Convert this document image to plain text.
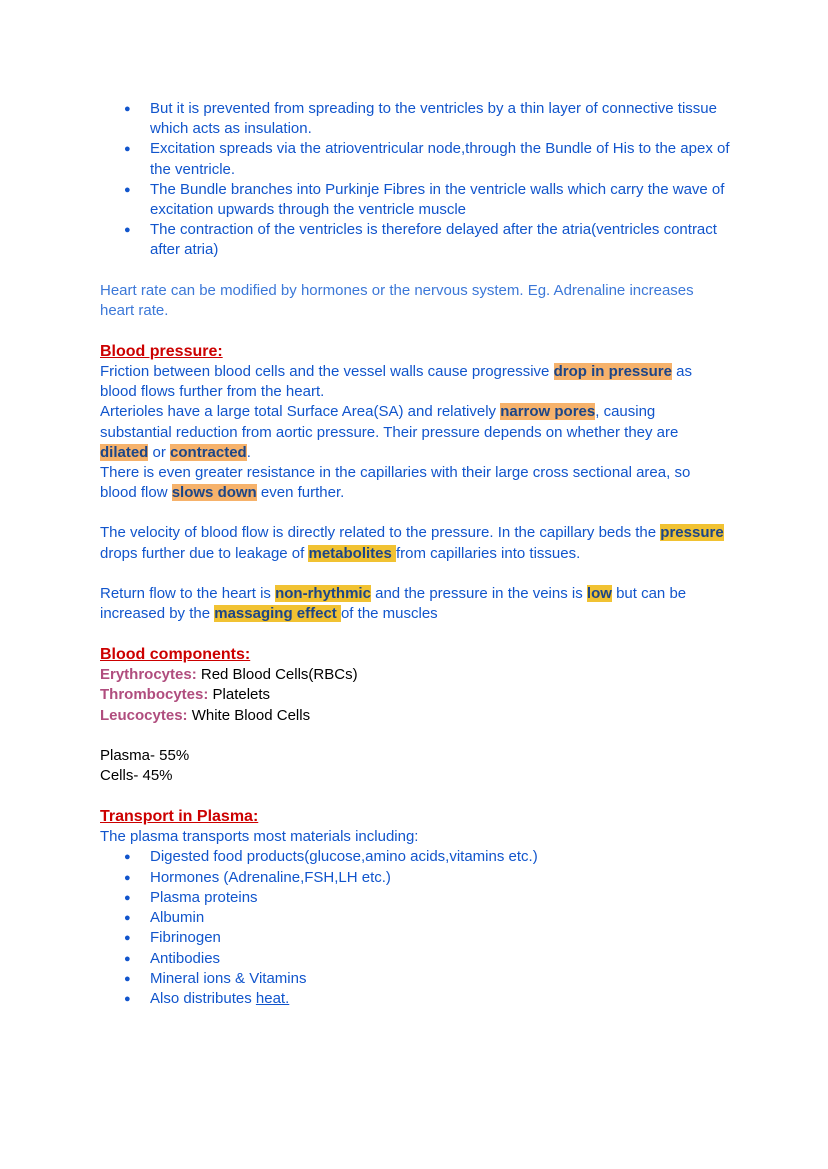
● But it is prevented from spreading to the ventricles by a thin layer of connective tissue which acts as insulation.
● Excitation spreads via the atrioventricular node,through the Bundle of His to the apex of the ventricle.
● The Bundle branches into Purkinje Fibres in the ventricle walls which carry the wave of excitation upwards through the ventricle muscle
● The contraction of the ventricles is therefore delayed after the atria(ventricles contract after atria)

Heart rate can be modified by hormones or the nervous system. Eg. Adrenaline increases heart rate.

Blood pressure:

Friction between blood cells and the vessel walls cause progressive drop in pressure as blood flows further from the heart.

Arterioles have a large total Surface Area(SA) and relatively narrow pores, causing substantial reduction from aortic pressure. Their pressure depends on whether they are dilated or contracted.

There is even greater resistance in the capillaries with their large cross sectional area, so blood flow slows down even further.

The velocity of blood flow is directly related to the pressure. In the capillary beds the pressure drops further due to leakage of metabolites from capillaries into tissues.

Return flow to the heart is non-rhythmic and the pressure in the veins is low but can be increased by the massaging effect of the muscles

Blood components:

Erythrocytes: Red Blood Cells(RBCs)

Thrombocytes: Platelets

Leucocytes: White Blood Cells

Plasma- 55%

Cells- 45%

Transport in Plasma:

The plasma transports most materials including:

● Digested food products(glucose,amino acids,vitamins etc.)
● Hormones (Adrenaline,FSH,LH etc.)
● Plasma proteins
● Albumin
● Fibrinogen
● Antibodies
● Mineral ions & Vitamins
● Also distributes heat.
